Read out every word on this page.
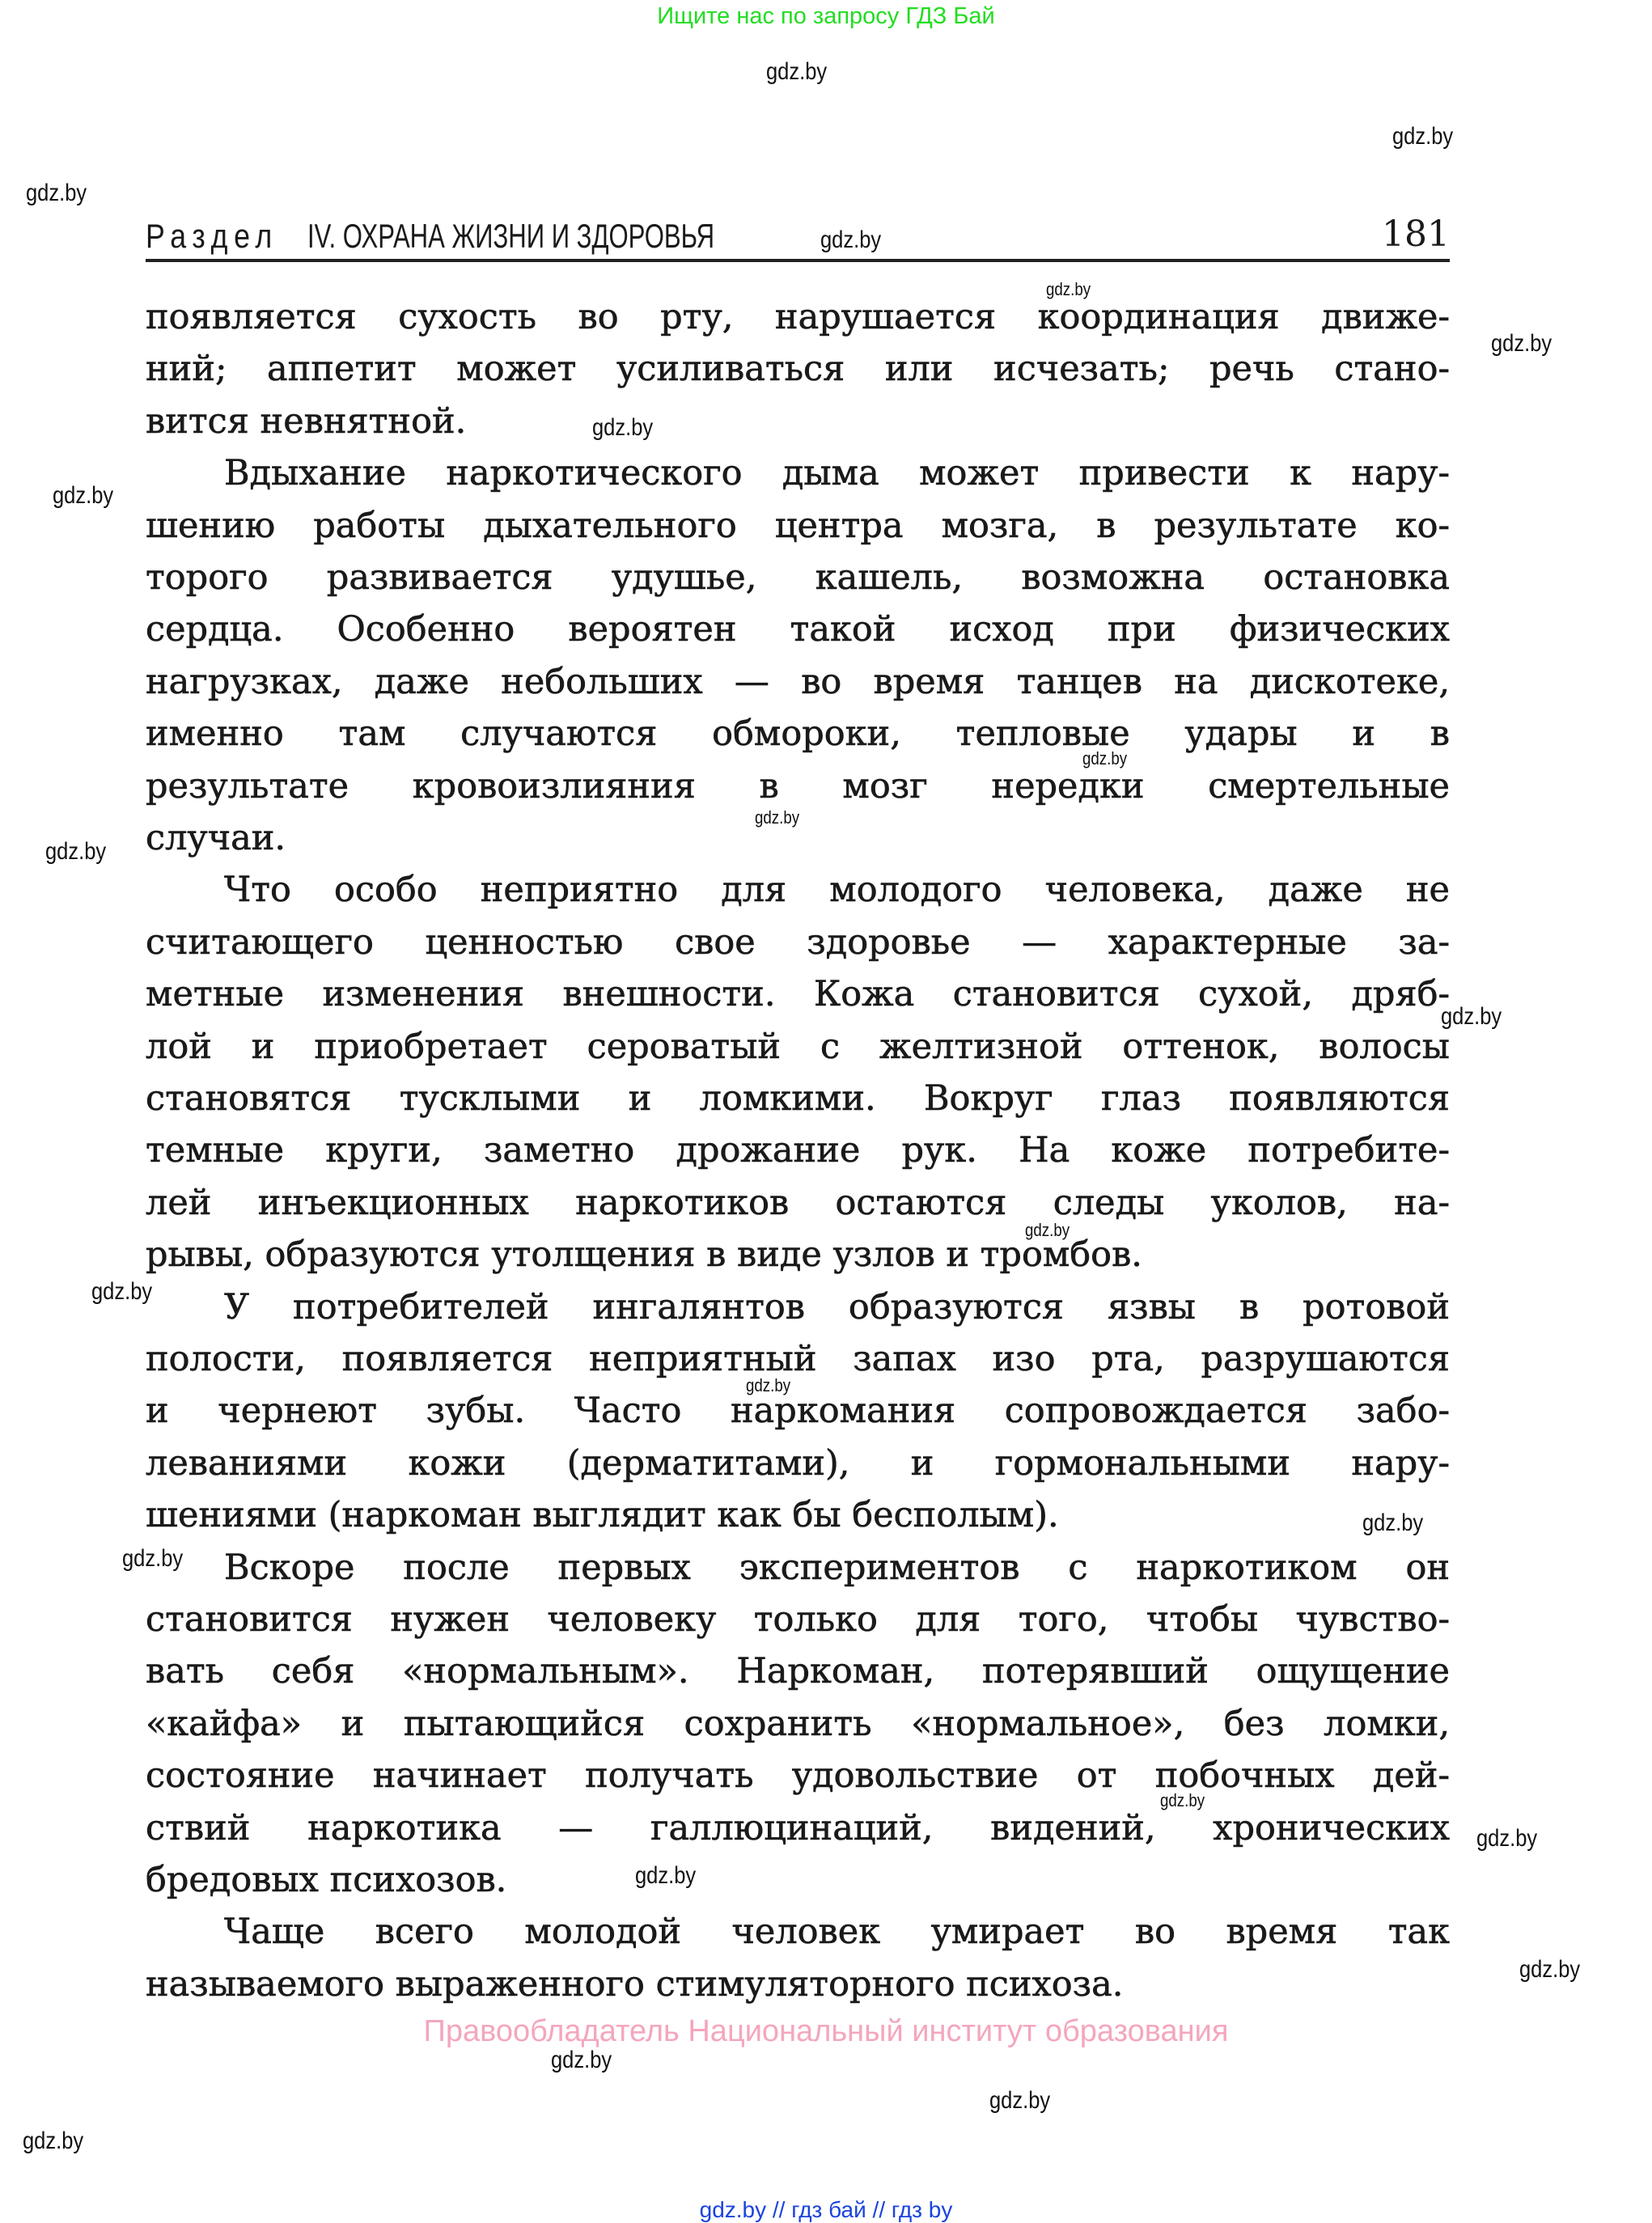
Ищите нас по запросу ГДЗ Бай
Раздел IV. ОХРАНА ЖИЗНИ И ЗДОРОВЬЯ	181
появляется сухость во рту, нарушается координация движе-
ний; аппетит может усиливаться или исчезать; речь стано-
вится невнятной.
Вдыхание наркотического дыма может привести к нару-
шению работы дыхательного центра мозга, в результате ко-
торого развивается удушье, кашель, возможна остановка
сердца. Особенно вероятен такой исход при физических
нагрузках, даже небольших — во время танцев на дискотеке,
именно там случаются обмороки, тепловые удары и в
результате кровоизлияния в мозг нередки смертельные
случаи.
Что особо неприятно для молодого человека, даже не
считающего ценностью свое здоровье — характерные за-
метные изменения внешности. Кожа становится сухой, дряб-
лой и приобретает сероватый с желтизной оттенок, волосы
становятся тусклыми и ломкими. Вокруг глаз появляются
темные круги, заметно дрожание рук. На коже потребите-
лей инъекционных наркотиков остаются следы уколов, на-
рывы, образуются утолщения в виде узлов и тромбов.
У потребителей ингалянтов образуются язвы в ротовой
полости, появляется неприятный запах изо рта, разрушаются
и чернеют зубы. Часто наркомания сопровождается забо-
леваниями кожи (дерматитами), и гормональными нару-
шениями (наркоман выглядит как бы бесполым).
Вскоре после первых экспериментов с наркотиком он
становится нужен человеку только для того, чтобы чувство-
вать себя «нормальным». Наркоман, потерявший ощущение
«кайфа» и пытающийся сохранить «нормальное», без ломки,
состояние начинает получать удовольствие от побочных дей-
ствий наркотика — галлюцинаций, видений, хронических
бредовых психозов.
Чаще всего молодой человек умирает во время так
называемого выраженного стимуляторного психоза.
gdz.by
gdz.by
gdz.by
gdz.by
gdz.by
gdz.by
gdz.by
gdz.by
gdz.by
gdz.by
gdz.by
gdz.by
gdz.by
gdz.by
gdz.by
gdz.by
gdz.by
gdz.by
gdz.by
gdz.by
gdz.by
gdz.by
gdz.by
gdz.by
Правообладатель Национальный институт образования
gdz.by // гдз бай // гдз by
